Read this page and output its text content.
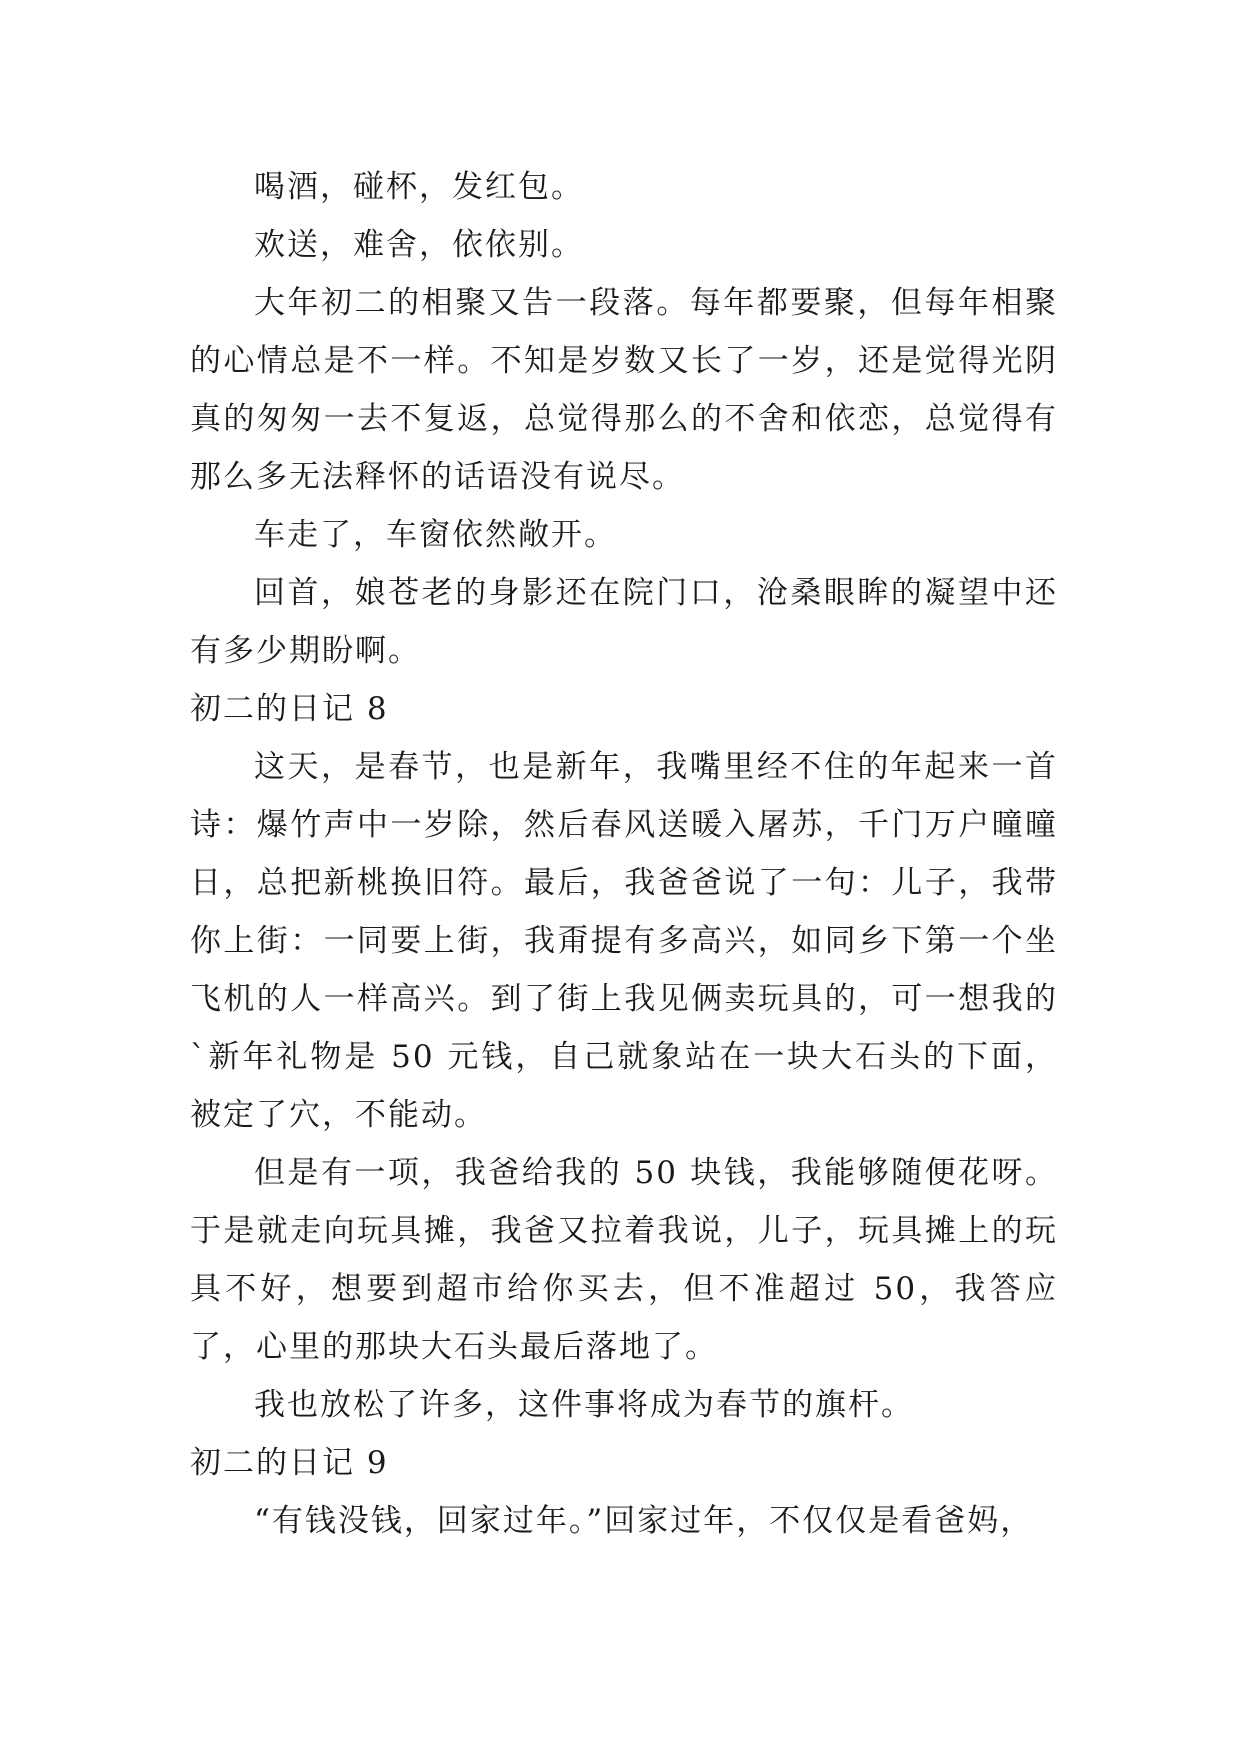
喝酒，碰杯，发红包。

欢送，难舍，依依别。

大年初二的相聚又告一段落。每年都要聚，但每年相聚的心情总是不一样。不知是岁数又长了一岁，还是觉得光阴真的匆匆一去不复返，总觉得那么的不舍和依恋，总觉得有那么多无法释怀的话语没有说尽。

车走了，车窗依然敞开。

回首，娘苍老的身影还在院门口，沧桑眼眸的凝望中还有多少期盼啊。

初二的日记 8

这天，是春节，也是新年，我嘴里经不住的年起来一首诗：爆竹声中一岁除，然后春风送暖入屠苏，千门万户曈曈日，总把新桃换旧符。最后，我爸爸说了一句：儿子，我带你上街：一同要上街，我甭提有多高兴，如同乡下第一个坐飞机的人一样高兴。到了街上我见俩卖玩具的，可一想我的`新年礼物是 50 元钱，自己就象站在一块大石头的下面，被定了穴，不能动。

但是有一项，我爸给我的 50 块钱，我能够随便花呀。于是就走向玩具摊，我爸又拉着我说，儿子，玩具摊上的玩具不好，想要到超市给你买去，但不准超过 50，我答应了，心里的那块大石头最后落地了。

我也放松了许多，这件事将成为春节的旗杆。

初二的日记 9

“有钱没钱，回家过年。”回家过年，不仅仅是看爸妈，
